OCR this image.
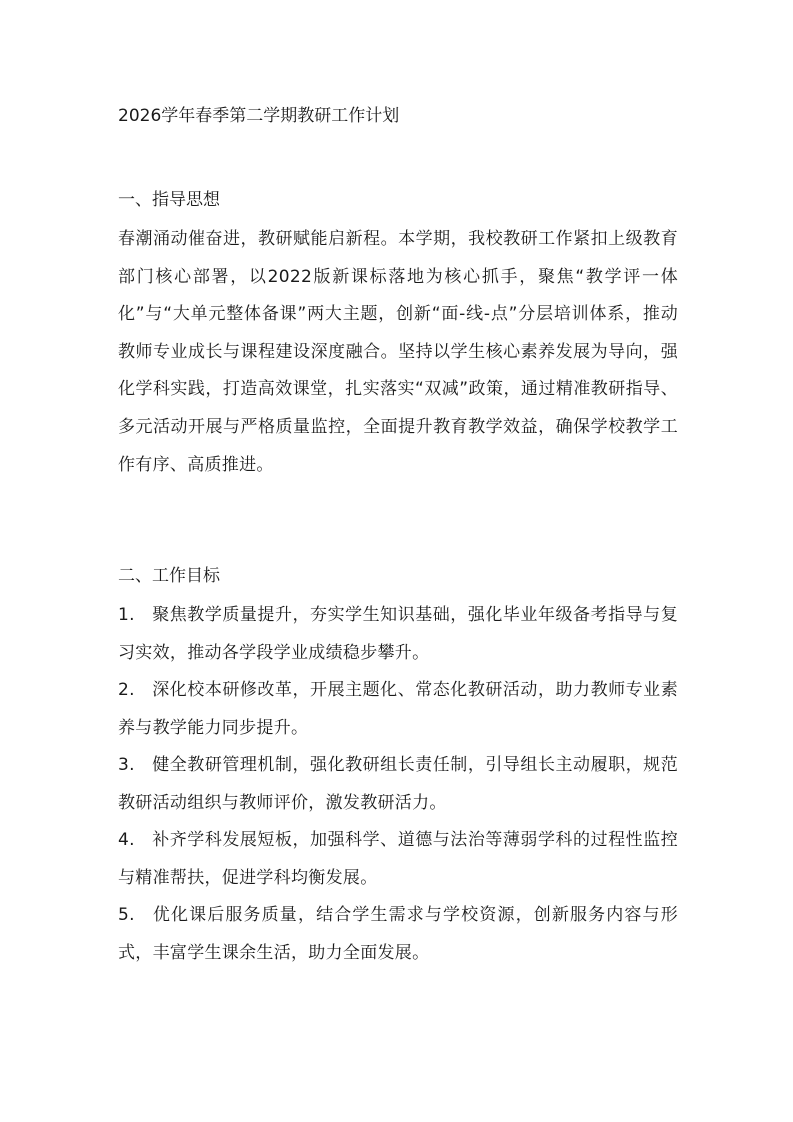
2026学年春季第二学期教研工作计划
一、指导思想
春潮涌动催奋进，教研赋能启新程。本学期，我校教研工作紧扣上级教育部门核心部署，以2022版新课标落地为核心抓手，聚焦“教学评一体化”与“大单元整体备课”两大主题，创新“面-线-点”分层培训体系，推动教师专业成长与课程建设深度融合。坚持以学生核心素养发展为导向，强化学科实践，打造高效课堂，扎实落实“双减”政策，通过精准教研指导、多元活动开展与严格质量监控，全面提升教育教学效益，确保学校教学工作有序、高质推进。
二、工作目标
1. 聚焦教学质量提升，夯实学生知识基础，强化毕业年级备考指导与复习实效，推动各学段学业成绩稳步攀升。
2. 深化校本研修改革，开展主题化、常态化教研活动，助力教师专业素养与教学能力同步提升。
3. 健全教研管理机制，强化教研组长责任制，引导组长主动履职，规范教研活动组织与教师评价，激发教研活力。
4. 补齐学科发展短板，加强科学、道德与法治等薄弱学科的过程性监控与精准帮扶，促进学科均衡发展。
5. 优化课后服务质量，结合学生需求与学校资源，创新服务内容与形式，丰富学生课余生活，助力全面发展。
